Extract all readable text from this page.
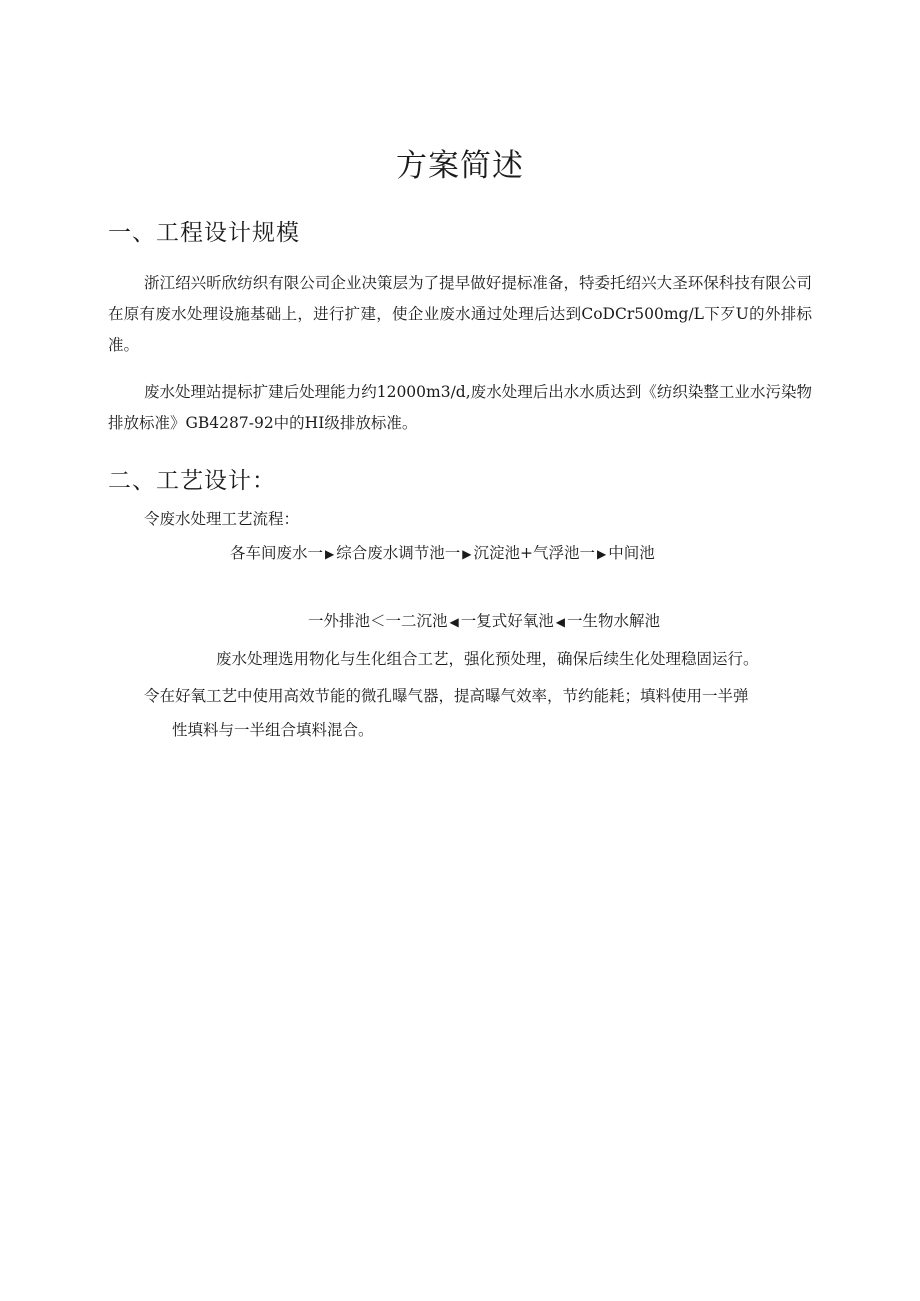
方案简述
一、工程设计规模
浙江绍兴昕欣纺织有限公司企业决策层为了提早做好提标准备，特委托绍兴大圣环保科技有限公司在原有废水处理设施基础上，进行扩建，使企业废水通过处理后达到CoDCr500mg∕L下歹U的外排标准。
废水处理站提标扩建后处理能力约12000m3∕d,废水处理后出水水质达到《纺织染整工业水污染物排放标准》GB4287-92中的HI级排放标准。
二、工艺设计：
令废水处理工艺流程：
各车间废水一 ▶ 综合废水调节池一 ▶ 沉淀池+气浮池一 ▶ 中间池
一外排池＜一二沉池 ◀ 一复式好氧池 ◀ 一生物水解池
废水处理选用物化与生化组合工艺，强化预处理，确保后续生化处理稳固运行。
令在好氧工艺中使用高效节能的微孔曝气器，提高曝气效率，节约能耗；填料使用一半弹
性填料与一半组合填料混合。
